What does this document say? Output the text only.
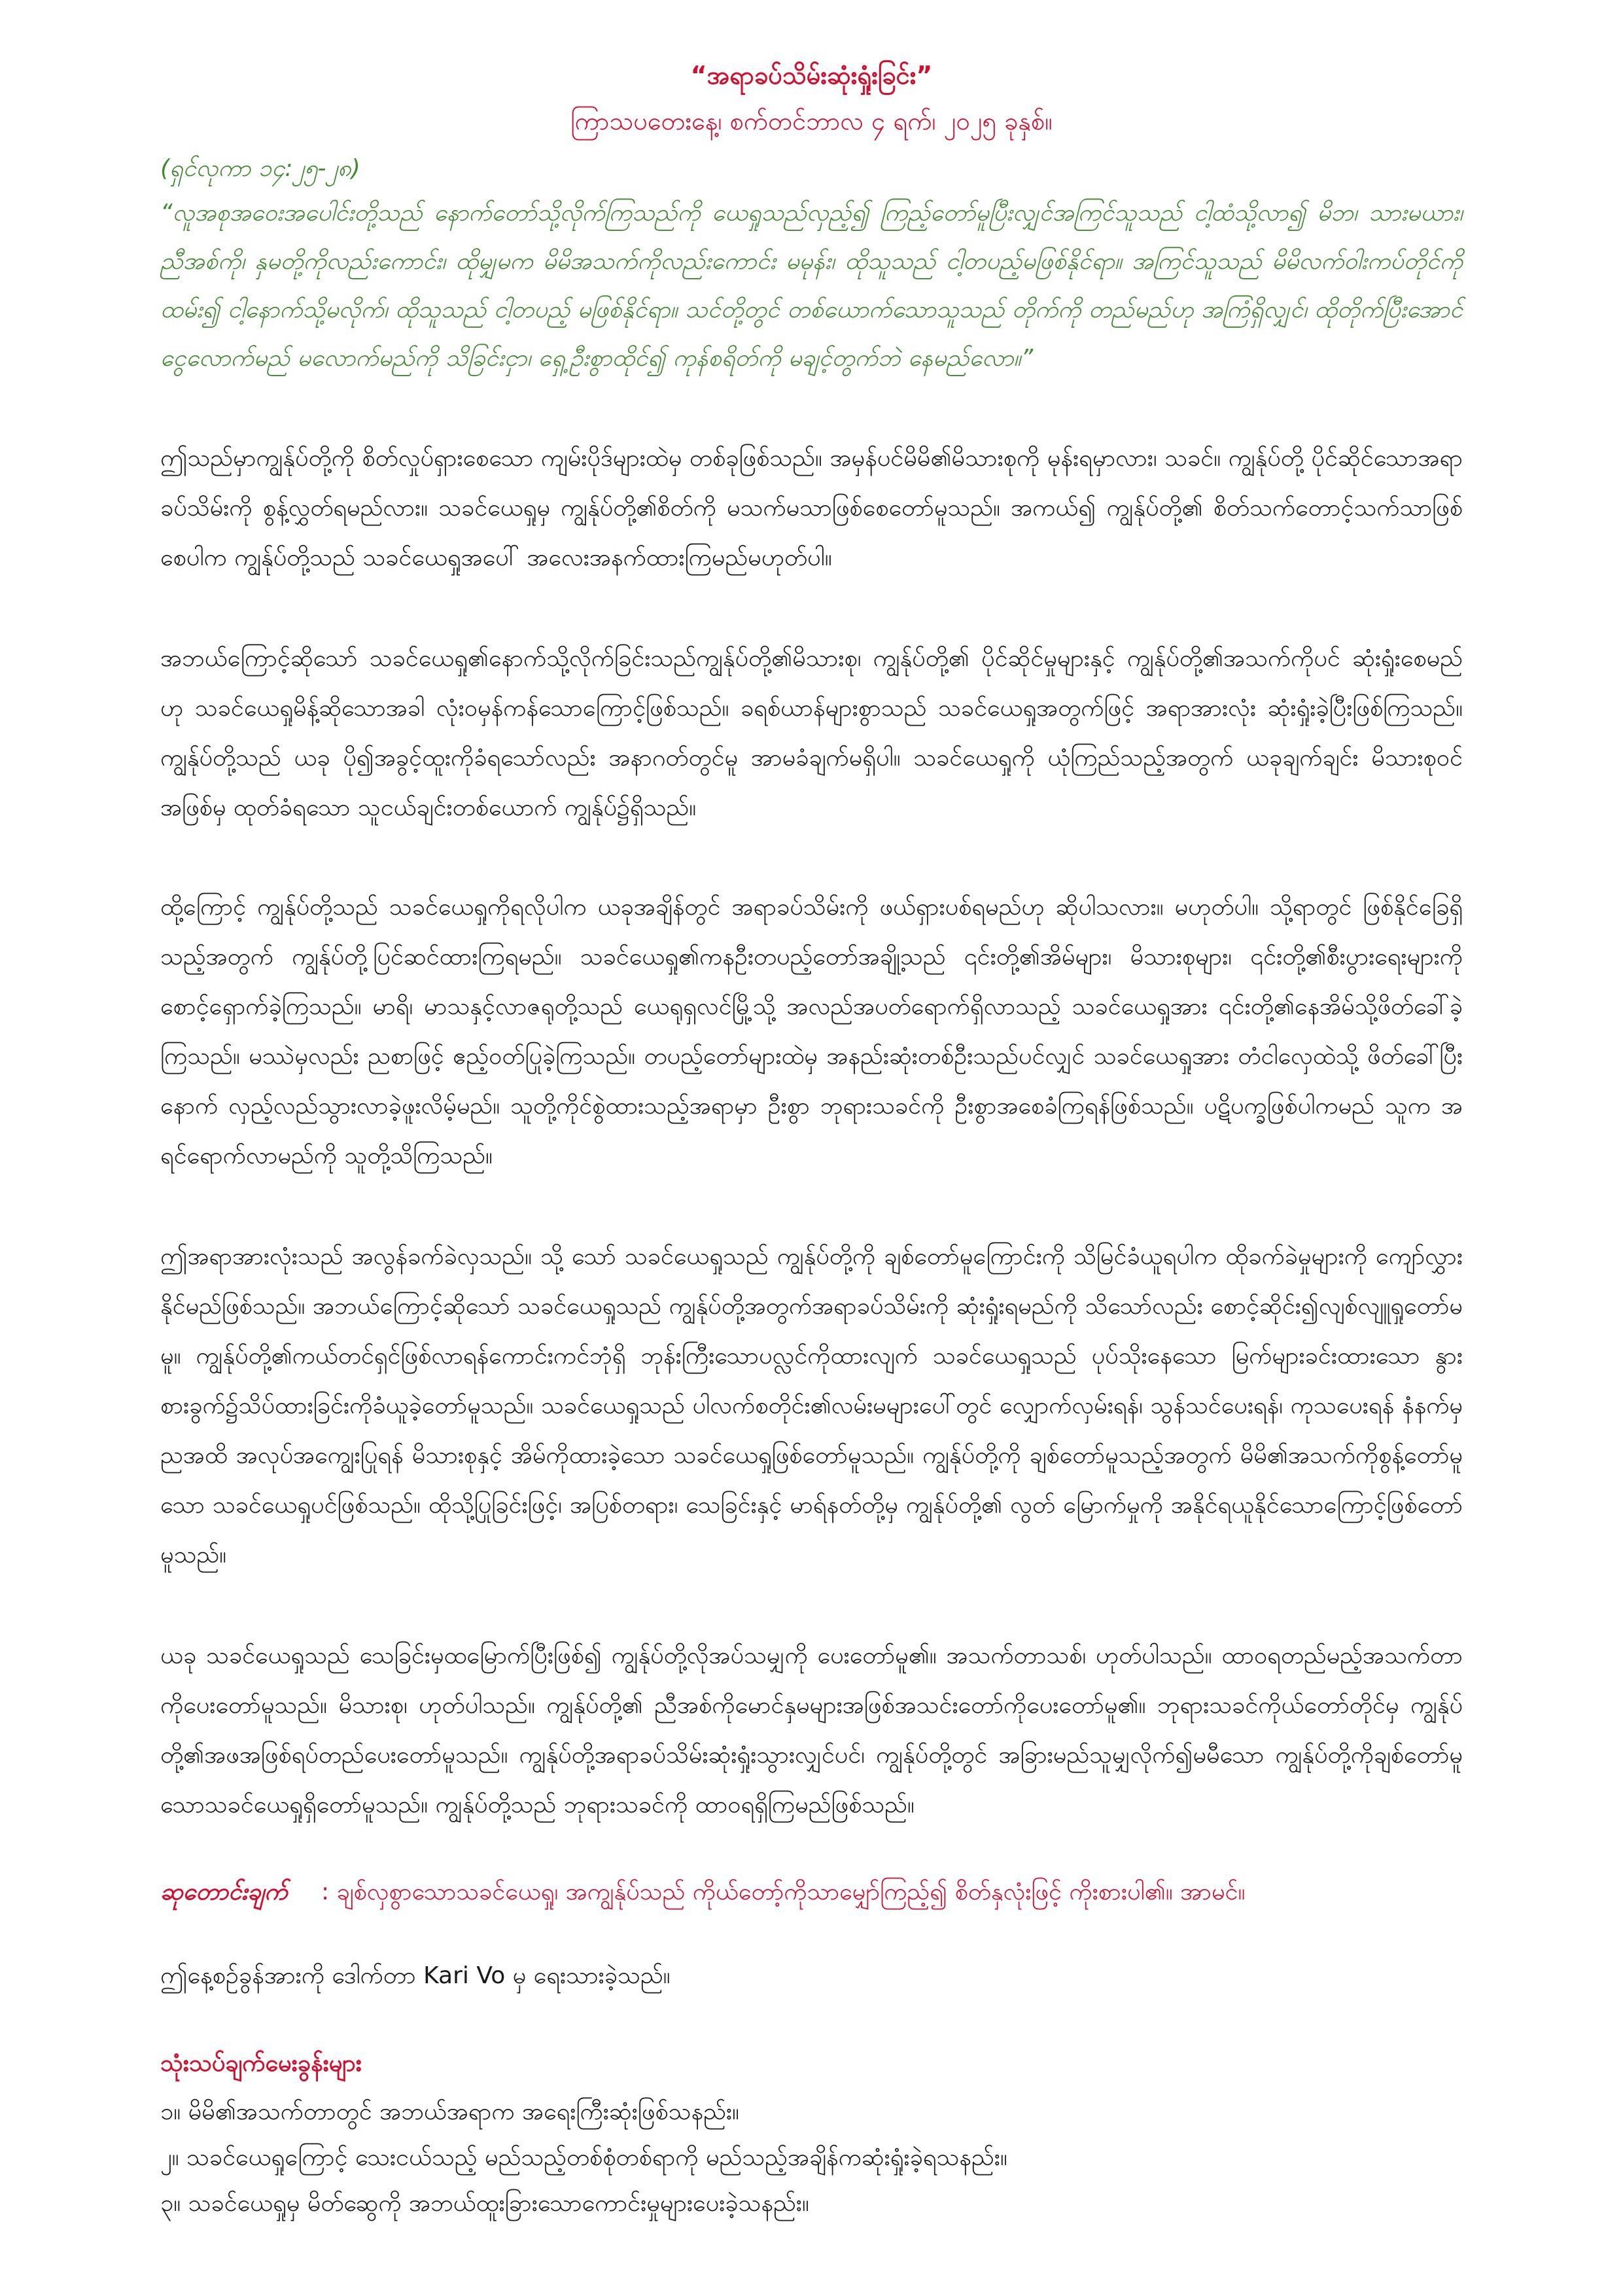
“အရာခပ်သိမ်းဆုံးရှုံးခြင်း”

ကြာသပတေးနေ့၊ စက်တင်ဘာလ ၄ ရက်၊ ၂၀၂၅ ခုနှစ်။

(ရှင်လုကာ ၁၄:၂၅-၂၈)

“လူအစုအဝေးအပေါင်းတို့သည် နောက်တော်သို့လိုက်ကြသည်ကို ယေရှုသည်လှည့်၍ ကြည့်တော်မူပြီးလျှင်အကြင်သူသည် ငါ့ထံသို့လာ၍ မိဘ၊ သားမယား၊ ညီအစ်ကို၊ နှမတို့ကိုလည်းကောင်း၊ ထိုမျှမက မိမိအသက်ကိုလည်းကောင်း မမုန်း၊ ထိုသူသည် ငါ့တပည့်မဖြစ်နိုင်ရာ။ အကြင်သူသည် မိမိလက်ဝါးကပ်တိုင်ကို ထမ်း၍ ငါ့နောက်သို့မလိုက်၊ ထိုသူသည် ငါ့တပည့် မဖြစ်နိုင်ရာ။ သင်တို့တွင် တစ်ယောက်သောသူသည် တိုက်ကို တည်မည်ဟု အကြံရှိလျှင်၊ ထိုတိုက်ပြီးအောင် ငွေလောက်မည် မလောက်မည်ကို သိခြင်းငှာ၊ ရှေ့ဦးစွာထိုင်၍ ကုန်စရိတ်ကို မချင့်တွက်ဘဲ နေမည်လော။”

ဤသည်မှာကျွန်ုပ်တို့ကို စိတ်လှုပ်ရှားစေသော ကျမ်းပိုဒ်များထဲမှ တစ်ခုဖြစ်သည်။ အမှန်ပင်မိမိ၏မိသားစုကို မုန်းရမှာလား၊ သခင်။ ကျွန်ုပ်တို့ ပိုင်ဆိုင်သောအရာခပ်သိမ်းကို စွန့်လွှတ်ရမည်လား။ သခင်ယေရှုမှ ကျွန်ုပ်တို့၏စိတ်ကို မသက်မသာဖြစ်စေတော်မူသည်။ အကယ်၍ ကျွန်ုပ်တို့၏ စိတ်သက်တောင့်သက်သာဖြစ်စေပါက ကျွန်ုပ်တို့သည် သခင်ယေရှုအပေါ် အလေးအနက်ထားကြမည်မဟုတ်ပါ။

အဘယ်ကြောင့်ဆိုသော် သခင်ယေရှု၏နောက်သို့လိုက်ခြင်းသည်ကျွန်ုပ်တို့၏မိသားစု၊ ကျွန်ုပ်တို့၏ ပိုင်ဆိုင်မှုများနှင့် ကျွန်ုပ်တို့၏အသက်ကိုပင် ဆုံးရှုံးစေမည်ဟု သခင်ယေရှုမိန့်ဆိုသောအခါ လုံးဝမှန်ကန်သောကြောင့်ဖြစ်သည်။ ခရစ်ယာန်များစွာသည် သခင်ယေရှုအတွက်ဖြင့် အရာအားလုံး ဆုံးရှုံးခဲ့ပြီးဖြစ်ကြသည်။ ကျွန်ုပ်တို့သည် ယခု ပို၍အခွင့်ထူးကိုခံရသော်လည်း အနာဂတ်တွင်မူ အာမခံချက်မရှိပါ။ သခင်ယေရှုကို ယုံကြည်သည့်အတွက် ယခုချက်ချင်း မိသားစုဝင်အဖြစ်မှ ထုတ်ခံရသော သူငယ်ချင်းတစ်ယောက် ကျွန်ုပ်၌ရှိသည်။

ထို့ကြောင့် ကျွန်ုပ်တို့သည် သခင်ယေရှုကိုရလိုပါက ယခုအချိန်တွင် အရာခပ်သိမ်းကို ဖယ်ရှားပစ်ရမည်ဟု ဆိုပါသလား။ မဟုတ်ပါ။ သို့ရာတွင် ဖြစ်နိုင်ခြေရှိသည့်အတွက် ကျွန်ုပ်တို့ပြင်ဆင်ထားကြရမည်။ သခင်ယေရှု၏ကနဦးတပည့်တော်အချို့သည် ၎င်းတို့၏အိမ်များ၊ မိသားစုများ၊ ၎င်းတို့၏စီးပွားရေးများကို စောင့်ရှောက်ခဲ့ကြသည်။ မာရိ၊ မာသနှင့်လာဇရုတို့သည် ယေရုရှလင်မြို့သို့ အလည်အပတ်ရောက်ရှိလာသည့် သခင်ယေရှုအား ၎င်းတို့၏နေအိမ်သို့ဖိတ်ခေါ်ခဲ့ကြသည်။ မဿဲမှလည်း ညစာဖြင့် ဧည့်ဝတ်ပြုခဲ့ကြသည်။ တပည့်တော်များထဲမှ အနည်းဆုံးတစ်ဦးသည်ပင်လျှင် သခင်ယေရှုအား တံငါလှေထဲသို့ ဖိတ်ခေါ်ပြီးနောက် လှည့်လည်သွားလာခဲ့ဖူးလိမ့်မည်။ သူတို့ကိုင်စွဲထားသည့်အရာမှာ ဦးစွာ ဘုရားသခင်ကို ဦးစွာအစေခံကြရန်ဖြစ်သည်။ ပဋိပက္ခဖြစ်ပါကမည် သူက အရင်ရောက်လာမည်ကို သူတို့သိကြသည်။

ဤအရာအားလုံးသည် အလွန်ခက်ခဲလှသည်။ သို့ သော် သခင်ယေရှုသည် ကျွန်ုပ်တို့ကို ချစ်တော်မူကြောင်းကို သိမြင်ခံယူရပါက ထိုခက်ခဲမှုများကို ကျော်လွှားနိုင်မည်ဖြစ်သည်။ အဘယ်ကြောင့်ဆိုသော် သခင်ယေရှုသည် ကျွန်ုပ်တို့အတွက်အရာခပ်သိမ်းကို ဆုံးရှုံးရမည်ကို သိသော်လည်း စောင့်ဆိုင်း၍လျစ်လျူရှုတော်မမူ။ ကျွန်ုပ်တို့၏ကယ်တင်ရှင်ဖြစ်လာရန်ကောင်းကင်ဘုံရှိ ဘုန်းကြီးသောပလ္လင်ကိုထားလျက် သခင်ယေရှုသည် ပုပ်သိုးနေသော မြက်များခင်းထားသော နွားစားခွက်၌သိပ်ထားခြင်းကိုခံယူခဲ့တော်မူသည်။ သခင်ယေရှုသည် ပါလက်စတိုင်း၏လမ်းမများပေါ်တွင် လျှောက်လှမ်းရန်၊ သွန်သင်ပေးရန်၊ ကုသပေးရန် နံနက်မှညအထိ အလုပ်အကျွေးပြုရန် မိသားစုနှင့် အိမ်ကိုထားခဲ့သော သခင်ယေရှုဖြစ်တော်မူသည်။ ကျွန်ုပ်တို့ကို ချစ်တော်မူသည့်အတွက် မိမိ၏အသက်ကိုစွန့်တော်မူသော သခင်ယေရှုပင်ဖြစ်သည်။ ထိုသို့ပြုခြင်းဖြင့်၊ အပြစ်တရား၊ သေခြင်းနှင့် မာရ်နတ်တို့မှ ကျွန်ုပ်တို့၏ လွတ် မြောက်မှုကို အနိုင်ရယူနိုင်သောကြောင့်ဖြစ်တော်မူသည်။

ယခု သခင်ယေရှုသည် သေခြင်းမှထမြောက်ပြီးဖြစ်၍ ကျွန်ုပ်တို့လိုအပ်သမျှကို ပေးတော်မူ၏။ အသက်တာသစ်၊ ဟုတ်ပါသည်။ ထာဝရတည်မည့်အသက်တာကိုပေးတော်မူသည်။ မိသားစု၊ ဟုတ်ပါသည်။ ကျွန်ုပ်တို့၏ ညီအစ်ကိုမောင်နှမများအဖြစ်အသင်းတော်ကိုပေးတော်မူ၏။ ဘုရားသခင်ကိုယ်တော်တိုင်မှ ကျွန်ုပ်တို့၏အဖအဖြစ်ရပ်တည်ပေးတော်မူသည်။ ကျွန်ုပ်တို့အရာခပ်သိမ်းဆုံးရှုံးသွားလျှင်ပင်၊ ကျွန်ုပ်တို့တွင် အခြားမည်သူမျှလိုက်၍မမီသော ကျွန်ုပ်တို့ကိုချစ်တော်မူသောသခင်ယေရှုရှိတော်မူသည်။ ကျွန်ုပ်တို့သည် ဘုရားသခင်ကို ထာဝရရှိကြမည်ဖြစ်သည်။

ဆုတောင်းချက် : ချစ်လှစွာသောသခင်ယေရှု၊ အကျွန်ုပ်သည် ကိုယ်တော့်ကိုသာမျှော်ကြည့်၍ စိတ်နှလုံးဖြင့် ကိုးစားပါ၏။ အာမင်။

ဤနေ့စဉ်ခွန်အားကို ဒေါက်တာ Kari Vo မှ ရေးသားခဲ့သည်။

သုံးသပ်ချက်မေးခွန်းများ
၁။ မိမိ၏အသက်တာတွင် အဘယ်အရာက အရေးကြီးဆုံးဖြစ်သနည်း။
၂။ သခင်ယေရှုကြောင့် သေးငယ်သည့် မည်သည့်တစ်စုံတစ်ရာကို မည်သည့်အချိန်ကဆုံးရှုံးခဲ့ရသနည်း။
၃။ သခင်ယေရှုမှ မိတ်ဆွေကို အဘယ်ထူးခြားသောကောင်းမှုများပေးခဲ့သနည်း။
